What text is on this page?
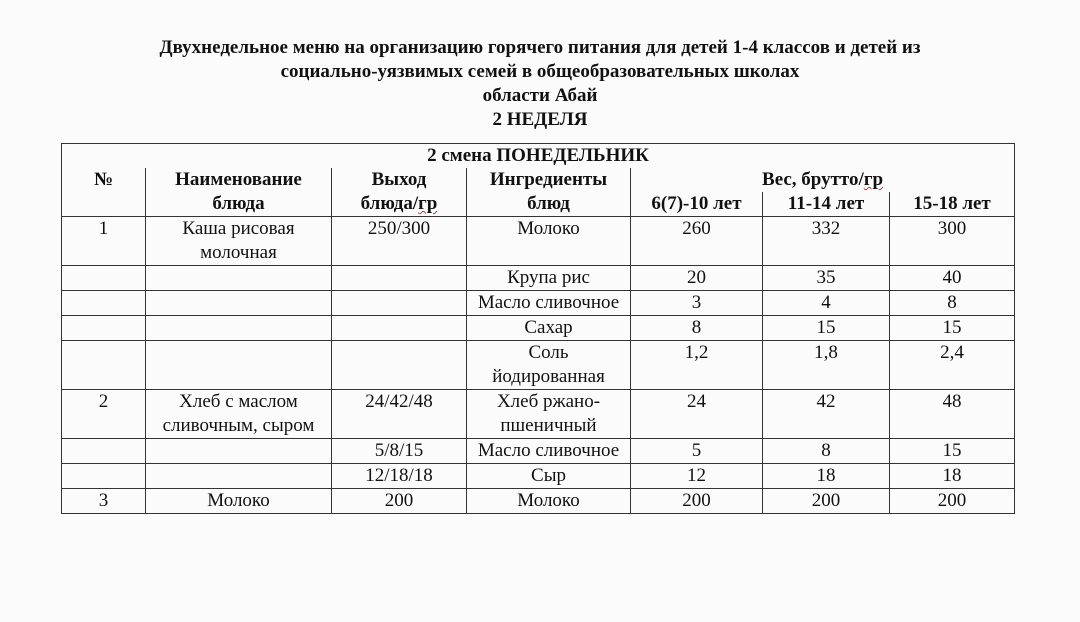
Двухнедельное меню на организацию горячего питания для детей 1-4 классов и детей из
социально-уязвимых семей в общеобразовательных школах
области Абай
2 НЕДЕЛЯ
2 смена ПОНЕДЕЛЬНИК						
№	Наименование	Выход	Ингредиенты	Вес, брутто/гр		
	блюда	блюда/гр	блюд	6(7)-10 лет	11-14 лет	15-18 лет
1	Каша рисовая молочная	250/300	Молоко	260	332	300
			Крупа рис	20	35	40
			Масло сливочное	3	4	8
			Сахар	8	15	15
			Соль йодированная	1,2	1,8	2,4
2	Хлеб с маслом сливочным, сыром	24/42/48	Хлеб ржано-пшеничный	24	42	48
		5/8/15	Масло сливочное	5	8	15
		12/18/18	Сыр	12	18	18
3	Молоко	200	Молоко	200	200	200
